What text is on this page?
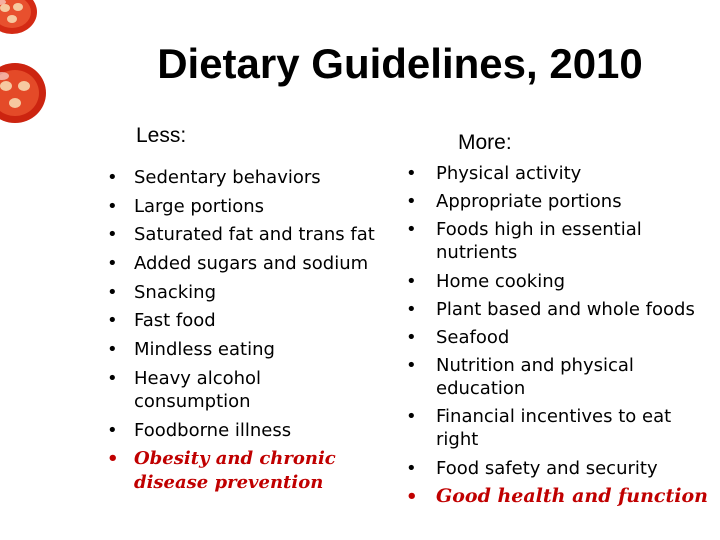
Dietary Guidelines, 2010
Less:	More:
• Sedentary behaviors
• Large portions
• Saturated fat and trans fat
• Added sugars and sodium
• Snacking
• Fast food
• Mindless eating
• Heavy alcohol consumption
• Foodborne illness
• Obesity and chronic disease prevention
• Physical activity
• Appropriate portions
• Foods high in essential nutrients
• Home cooking
• Plant based and whole foods
• Seafood
• Nutrition and physical education
• Financial incentives to eat right
• Food safety and security
• Good health and function
